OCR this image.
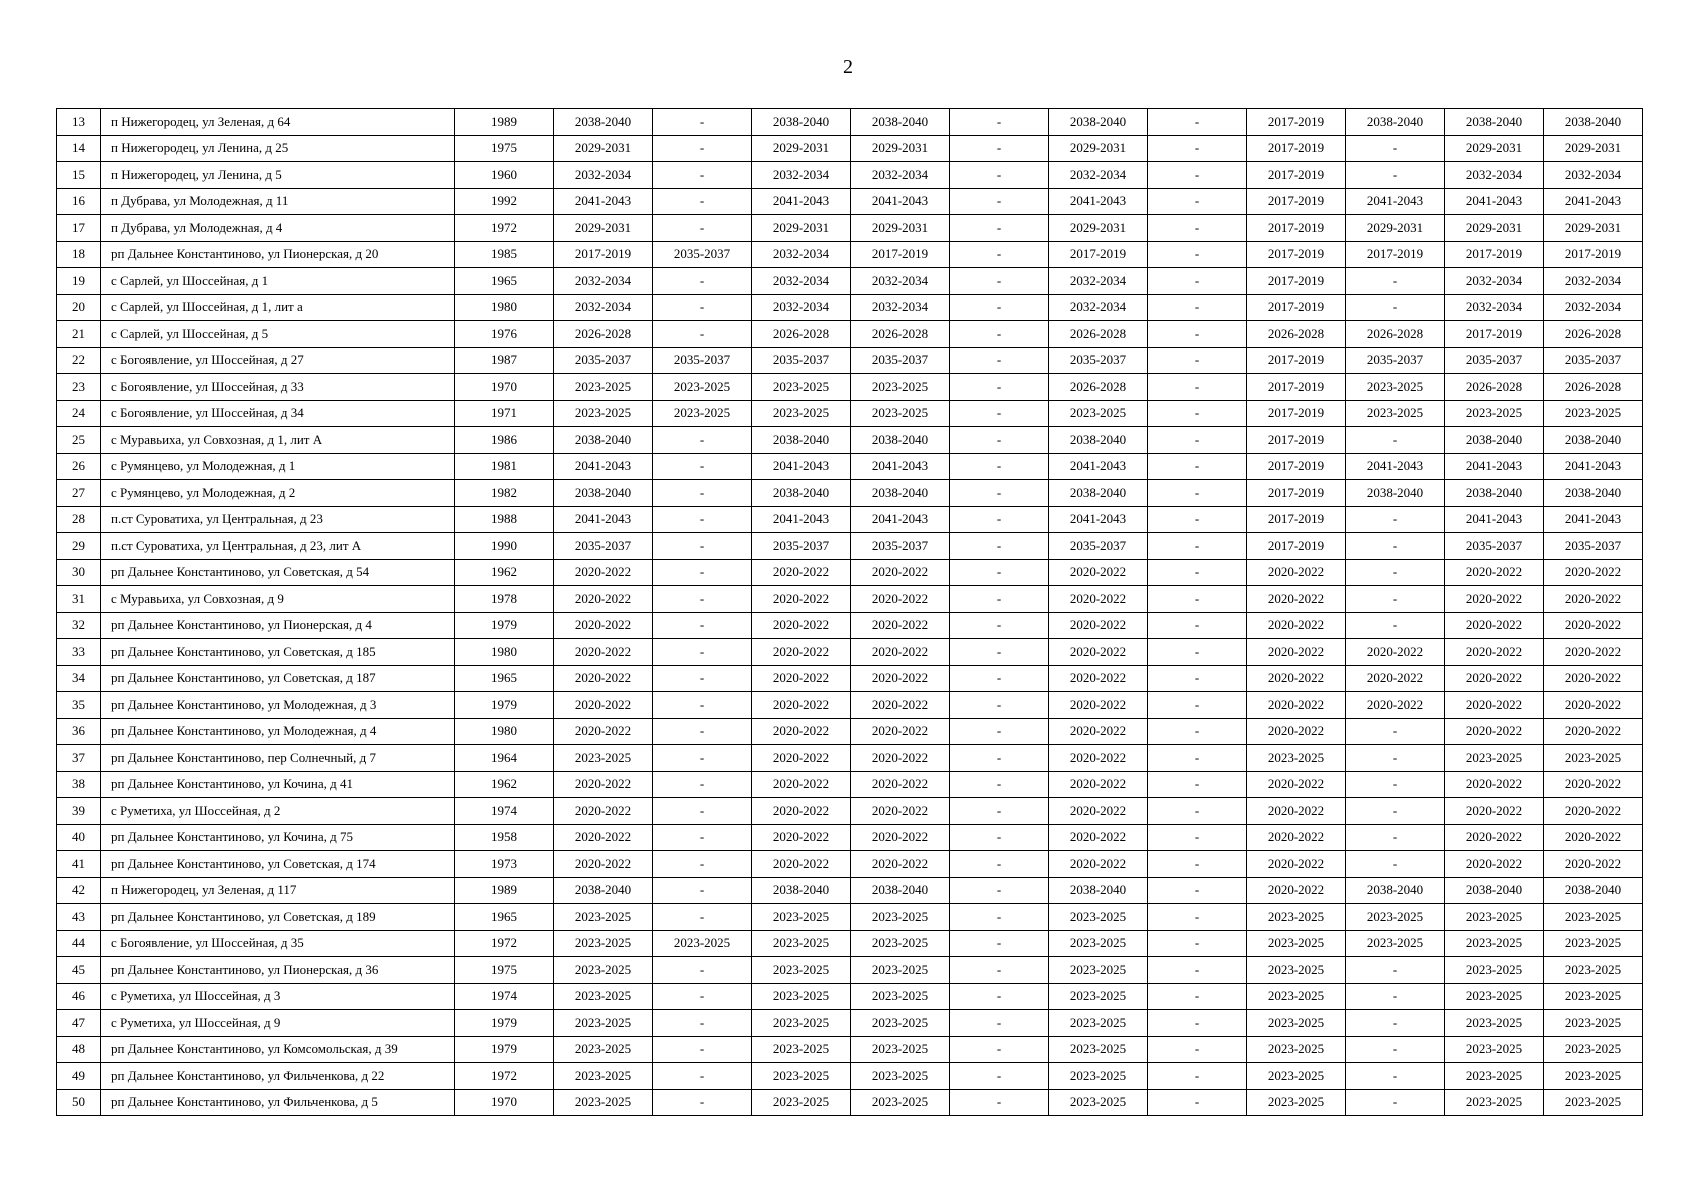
2
13	п Нижегородец, ул Зеленая, д 64	1989	2038-2040	-	2038-2040	2038-2040	-	2038-2040	-	2017-2019	2038-2040	2038-2040	2038-2040
14	п Нижегородец, ул Ленина, д 25	1975	2029-2031	-	2029-2031	2029-2031	-	2029-2031	-	2017-2019	-	2029-2031	2029-2031
15	п Нижегородец, ул Ленина, д 5	1960	2032-2034	-	2032-2034	2032-2034	-	2032-2034	-	2017-2019	-	2032-2034	2032-2034
16	п Дубрава, ул Молодежная, д 11	1992	2041-2043	-	2041-2043	2041-2043	-	2041-2043	-	2017-2019	2041-2043	2041-2043	2041-2043
17	п Дубрава, ул Молодежная, д 4	1972	2029-2031	-	2029-2031	2029-2031	-	2029-2031	-	2017-2019	2029-2031	2029-2031	2029-2031
18	рп Дальнее Константиново, ул Пионерская, д 20	1985	2017-2019	2035-2037	2032-2034	2017-2019	-	2017-2019	-	2017-2019	2017-2019	2017-2019	2017-2019
19	с Сарлей, ул Шоссейная, д 1	1965	2032-2034	-	2032-2034	2032-2034	-	2032-2034	-	2017-2019	-	2032-2034	2032-2034
20	с Сарлей, ул Шоссейная, д 1, лит а	1980	2032-2034	-	2032-2034	2032-2034	-	2032-2034	-	2017-2019	-	2032-2034	2032-2034
21	с Сарлей, ул Шоссейная, д 5	1976	2026-2028	-	2026-2028	2026-2028	-	2026-2028	-	2026-2028	2026-2028	2017-2019	2026-2028
22	с Богоявление, ул Шоссейная, д 27	1987	2035-2037	2035-2037	2035-2037	2035-2037	-	2035-2037	-	2017-2019	2035-2037	2035-2037	2035-2037
23	с Богоявление, ул Шоссейная, д 33	1970	2023-2025	2023-2025	2023-2025	2023-2025	-	2026-2028	-	2017-2019	2023-2025	2026-2028	2026-2028
24	с Богоявление, ул Шоссейная, д 34	1971	2023-2025	2023-2025	2023-2025	2023-2025	-	2023-2025	-	2017-2019	2023-2025	2023-2025	2023-2025
25	с Муравьиха, ул Совхозная, д 1, лит А	1986	2038-2040	-	2038-2040	2038-2040	-	2038-2040	-	2017-2019	-	2038-2040	2038-2040
26	с Румянцево, ул Молодежная, д 1	1981	2041-2043	-	2041-2043	2041-2043	-	2041-2043	-	2017-2019	2041-2043	2041-2043	2041-2043
27	с Румянцево, ул Молодежная, д 2	1982	2038-2040	-	2038-2040	2038-2040	-	2038-2040	-	2017-2019	2038-2040	2038-2040	2038-2040
28	п.ст Суроватиха, ул Центральная, д 23	1988	2041-2043	-	2041-2043	2041-2043	-	2041-2043	-	2017-2019	-	2041-2043	2041-2043
29	п.ст Суроватиха, ул Центральная, д 23, лит А	1990	2035-2037	-	2035-2037	2035-2037	-	2035-2037	-	2017-2019	-	2035-2037	2035-2037
30	рп Дальнее Константиново, ул Советская, д 54	1962	2020-2022	-	2020-2022	2020-2022	-	2020-2022	-	2020-2022	-	2020-2022	2020-2022
31	с Муравьиха, ул Совхозная, д 9	1978	2020-2022	-	2020-2022	2020-2022	-	2020-2022	-	2020-2022	-	2020-2022	2020-2022
32	рп Дальнее Константиново, ул Пионерская, д 4	1979	2020-2022	-	2020-2022	2020-2022	-	2020-2022	-	2020-2022	-	2020-2022	2020-2022
33	рп Дальнее Константиново, ул Советская, д 185	1980	2020-2022	-	2020-2022	2020-2022	-	2020-2022	-	2020-2022	2020-2022	2020-2022	2020-2022
34	рп Дальнее Константиново, ул Советская, д 187	1965	2020-2022	-	2020-2022	2020-2022	-	2020-2022	-	2020-2022	2020-2022	2020-2022	2020-2022
35	рп Дальнее Константиново, ул Молодежная, д 3	1979	2020-2022	-	2020-2022	2020-2022	-	2020-2022	-	2020-2022	2020-2022	2020-2022	2020-2022
36	рп Дальнее Константиново, ул Молодежная, д 4	1980	2020-2022	-	2020-2022	2020-2022	-	2020-2022	-	2020-2022	-	2020-2022	2020-2022
37	рп Дальнее Константиново, пер Солнечный, д 7	1964	2023-2025	-	2020-2022	2020-2022	-	2020-2022	-	2023-2025	-	2023-2025	2023-2025
38	рп Дальнее Константиново, ул Кочина, д 41	1962	2020-2022	-	2020-2022	2020-2022	-	2020-2022	-	2020-2022	-	2020-2022	2020-2022
39	с Руметиха, ул Шоссейная, д 2	1974	2020-2022	-	2020-2022	2020-2022	-	2020-2022	-	2020-2022	-	2020-2022	2020-2022
40	рп Дальнее Константиново, ул Кочина, д 75	1958	2020-2022	-	2020-2022	2020-2022	-	2020-2022	-	2020-2022	-	2020-2022	2020-2022
41	рп Дальнее Константиново, ул Советская, д 174	1973	2020-2022	-	2020-2022	2020-2022	-	2020-2022	-	2020-2022	-	2020-2022	2020-2022
42	п Нижегородец, ул Зеленая, д 117	1989	2038-2040	-	2038-2040	2038-2040	-	2038-2040	-	2020-2022	2038-2040	2038-2040	2038-2040
43	рп Дальнее Константиново, ул Советская, д 189	1965	2023-2025	-	2023-2025	2023-2025	-	2023-2025	-	2023-2025	2023-2025	2023-2025	2023-2025
44	с Богоявление, ул Шоссейная, д 35	1972	2023-2025	2023-2025	2023-2025	2023-2025	-	2023-2025	-	2023-2025	2023-2025	2023-2025	2023-2025
45	рп Дальнее Константиново, ул Пионерская, д 36	1975	2023-2025	-	2023-2025	2023-2025	-	2023-2025	-	2023-2025	-	2023-2025	2023-2025
46	с Руметиха, ул Шоссейная, д 3	1974	2023-2025	-	2023-2025	2023-2025	-	2023-2025	-	2023-2025	-	2023-2025	2023-2025
47	с Руметиха, ул Шоссейная, д 9	1979	2023-2025	-	2023-2025	2023-2025	-	2023-2025	-	2023-2025	-	2023-2025	2023-2025
48	рп Дальнее Константиново, ул Комсомольская, д 39	1979	2023-2025	-	2023-2025	2023-2025	-	2023-2025	-	2023-2025	-	2023-2025	2023-2025
49	рп Дальнее Константиново, ул Фильченкова, д 22	1972	2023-2025	-	2023-2025	2023-2025	-	2023-2025	-	2023-2025	-	2023-2025	2023-2025
50	рп Дальнее Константиново, ул Фильченкова, д 5	1970	2023-2025	-	2023-2025	2023-2025	-	2023-2025	-	2023-2025	-	2023-2025	2023-2025
